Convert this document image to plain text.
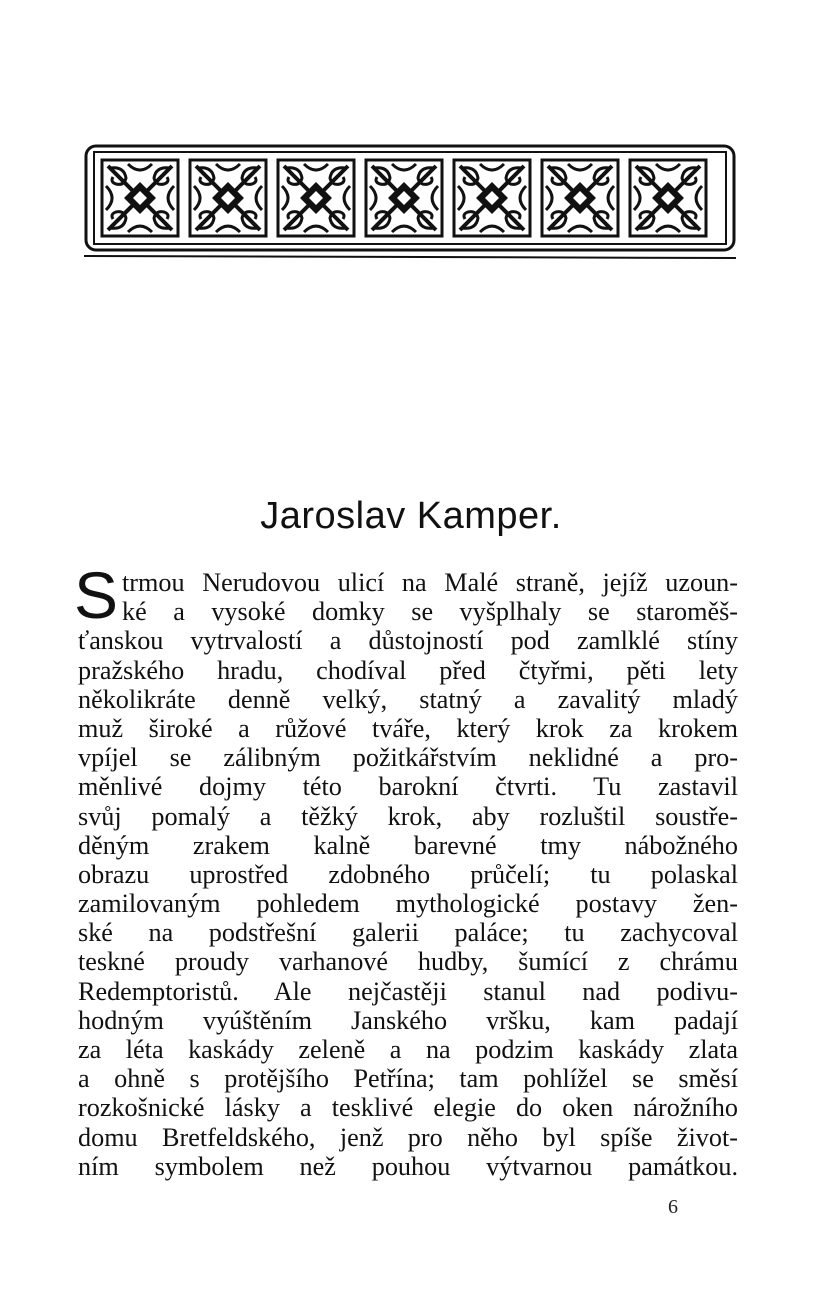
Jaroslav Kamper.
S trmou Nerudovou ulicí na Malé straně, jejíž uzoun-
ké a vysoké domky se vyšplhaly se staroměš-
ťanskou vytrvalostí a důstojností pod zamlklé stíny
pražského hradu, chodíval před čtyřmi, pěti lety
několikráte denně velký, statný a zavalitý mladý
muž široké a růžové tváře, který krok za krokem
vpíjel se zálibným požitkářstvím neklidné a pro-
měnlivé dojmy této barokní čtvrti. Tu zastavil
svůj pomalý a těžký krok, aby rozluštil soustře-
děným zrakem kalně barevné tmy nábožného
obrazu uprostřed zdobného průčelí; tu polaskal
zamilovaným pohledem mythologické postavy žen-
ské na podstřešní galerii paláce; tu zachycoval
teskné proudy varhanové hudby, šumící z chrámu
Redemptoristů. Ale nejčastěji stanul nad podivu-
hodným vyúštěním Janského vršku, kam padají
za léta kaskády zeleně a na podzim kaskády zlata
a ohně s protějšího Petřína; tam pohlížel se směsí
rozkošnické lásky a tesklivé elegie do oken nárožního
domu Bretfeldského, jenž pro něho byl spíše život-
ním symbolem než pouhou výtvarnou památkou.
6
